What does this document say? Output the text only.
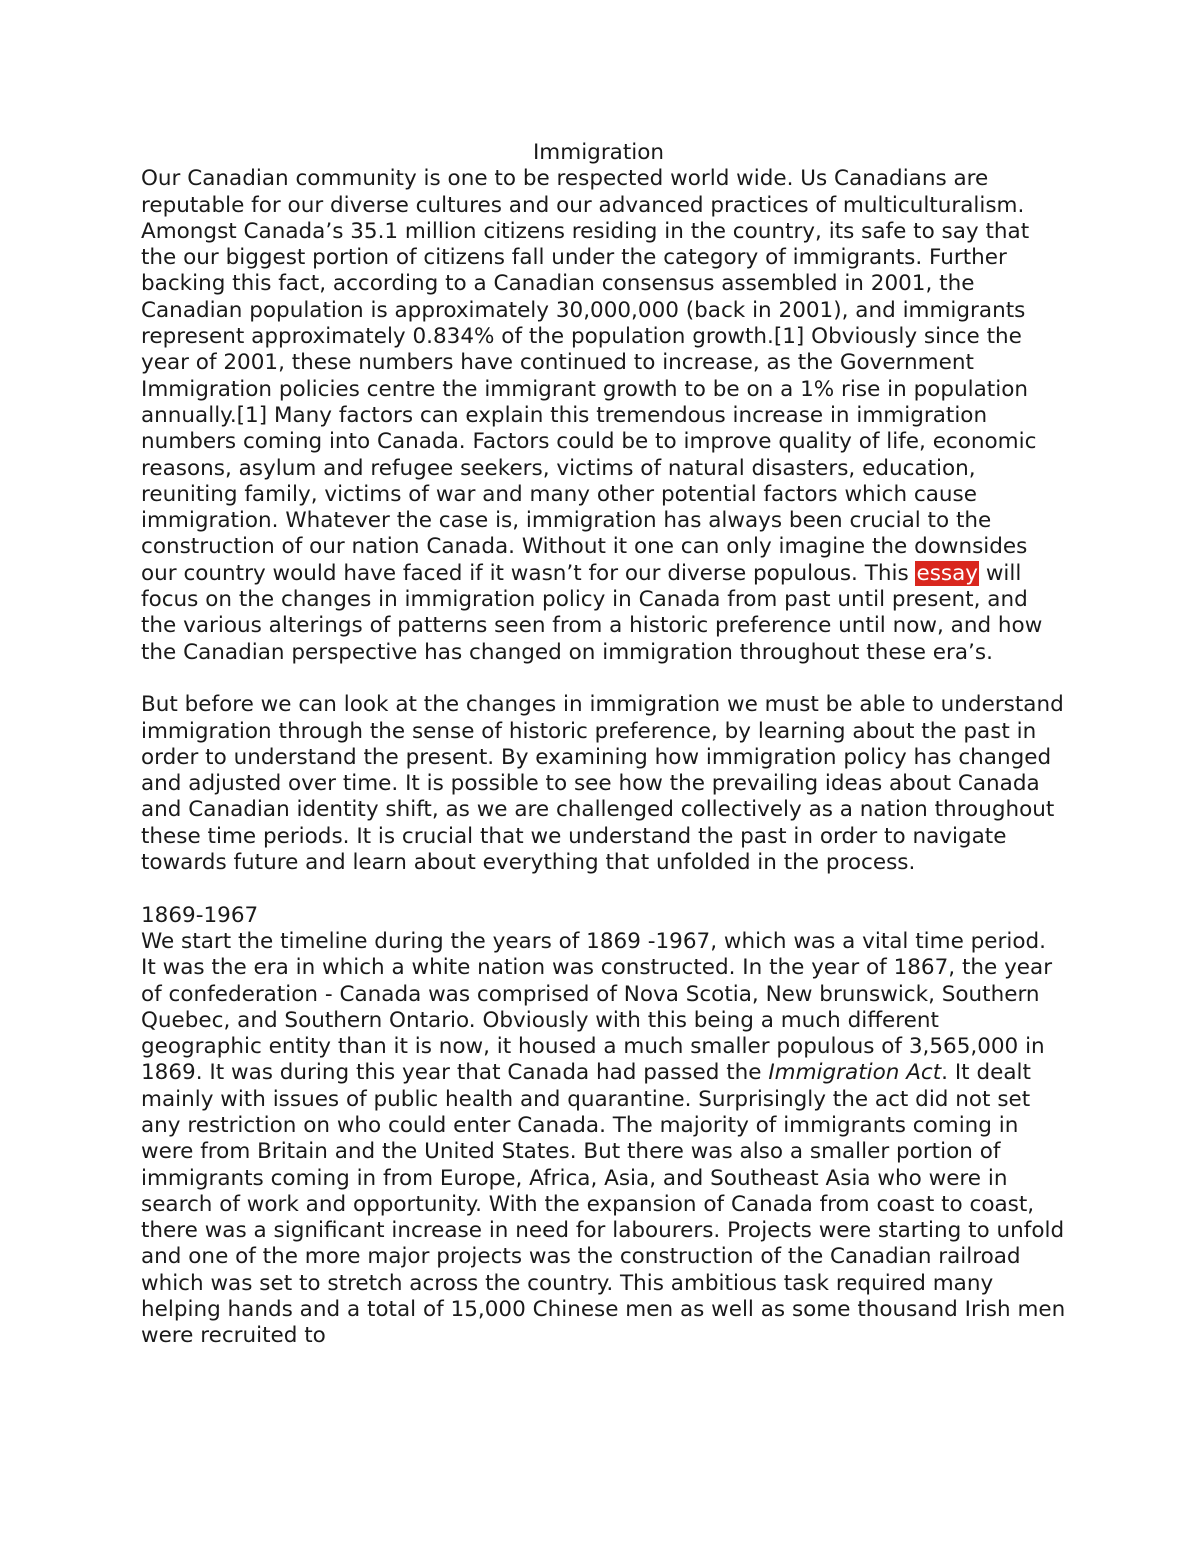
Immigration

Our Canadian community is one to be respected world wide. Us Canadians are reputable for our diverse cultures and our advanced practices of multiculturalism. Amongst Canada’s 35.1 million citizens residing in the country, its safe to say that the our biggest portion of citizens fall under the category of immigrants. Further backing this fact, according to a Canadian consensus assembled in 2001, the Canadian population is approximately 30,000,000 (back in 2001), and immigrants represent approximately 0.834% of the population growth.[1] Obviously since the year of 2001, these numbers have continued to increase, as the Government Immigration policies centre the immigrant growth to be on a 1% rise in population annually.[1] Many factors can explain this tremendous increase in immigration numbers coming into Canada. Factors could be to improve quality of life, economic reasons, asylum and refugee seekers, victims of natural disasters, education, reuniting family, victims of war and many other potential factors which cause immigration. Whatever the case is, immigration has always been crucial to the construction of our nation Canada. Without it one can only imagine the downsides our country would have faced if it wasn’t for our diverse populous. This essay will focus on the changes in immigration policy in Canada from past until present, and the various alterings of patterns seen from a historic preference until now, and how the Canadian perspective has changed on immigration throughout these era’s.

But before we can look at the changes in immigration we must be able to understand immigration through the sense of historic preference, by learning about the past in order to understand the present. By examining how immigration policy has changed and adjusted over time. It is possible to see how the prevailing ideas about Canada and Canadian identity shift, as we are challenged collectively as a nation throughout these time periods. It is crucial that we understand the past in order to navigate towards future and learn about everything that unfolded in the process.

1869-1967

We start the timeline during the years of 1869 -1967, which was a vital time period. It was the era in which a white nation was constructed. In the year of 1867, the year of confederation - Canada was comprised of Nova Scotia, New brunswick, Southern Quebec, and Southern Ontario. Obviously with this being a much different geographic entity than it is now, it housed a much smaller populous of 3,565,000 in 1869. It was during this year that Canada had passed the Immigration Act. It dealt mainly with issues of public health and quarantine. Surprisingly the act did not set any restriction on who could enter Canada. The majority of immigrants coming in were from Britain and the United States. But there was also a smaller portion of immigrants coming in from Europe, Africa, Asia, and Southeast Asia who were in search of work and opportunity. With the expansion of Canada from coast to coast, there was a significant increase in need for labourers. Projects were starting to unfold and one of the more major projects was the construction of the Canadian railroad which was set to stretch across the country. This ambitious task required many helping hands and a total of 15,000 Chinese men as well as some thousand Irish men were recruited to
